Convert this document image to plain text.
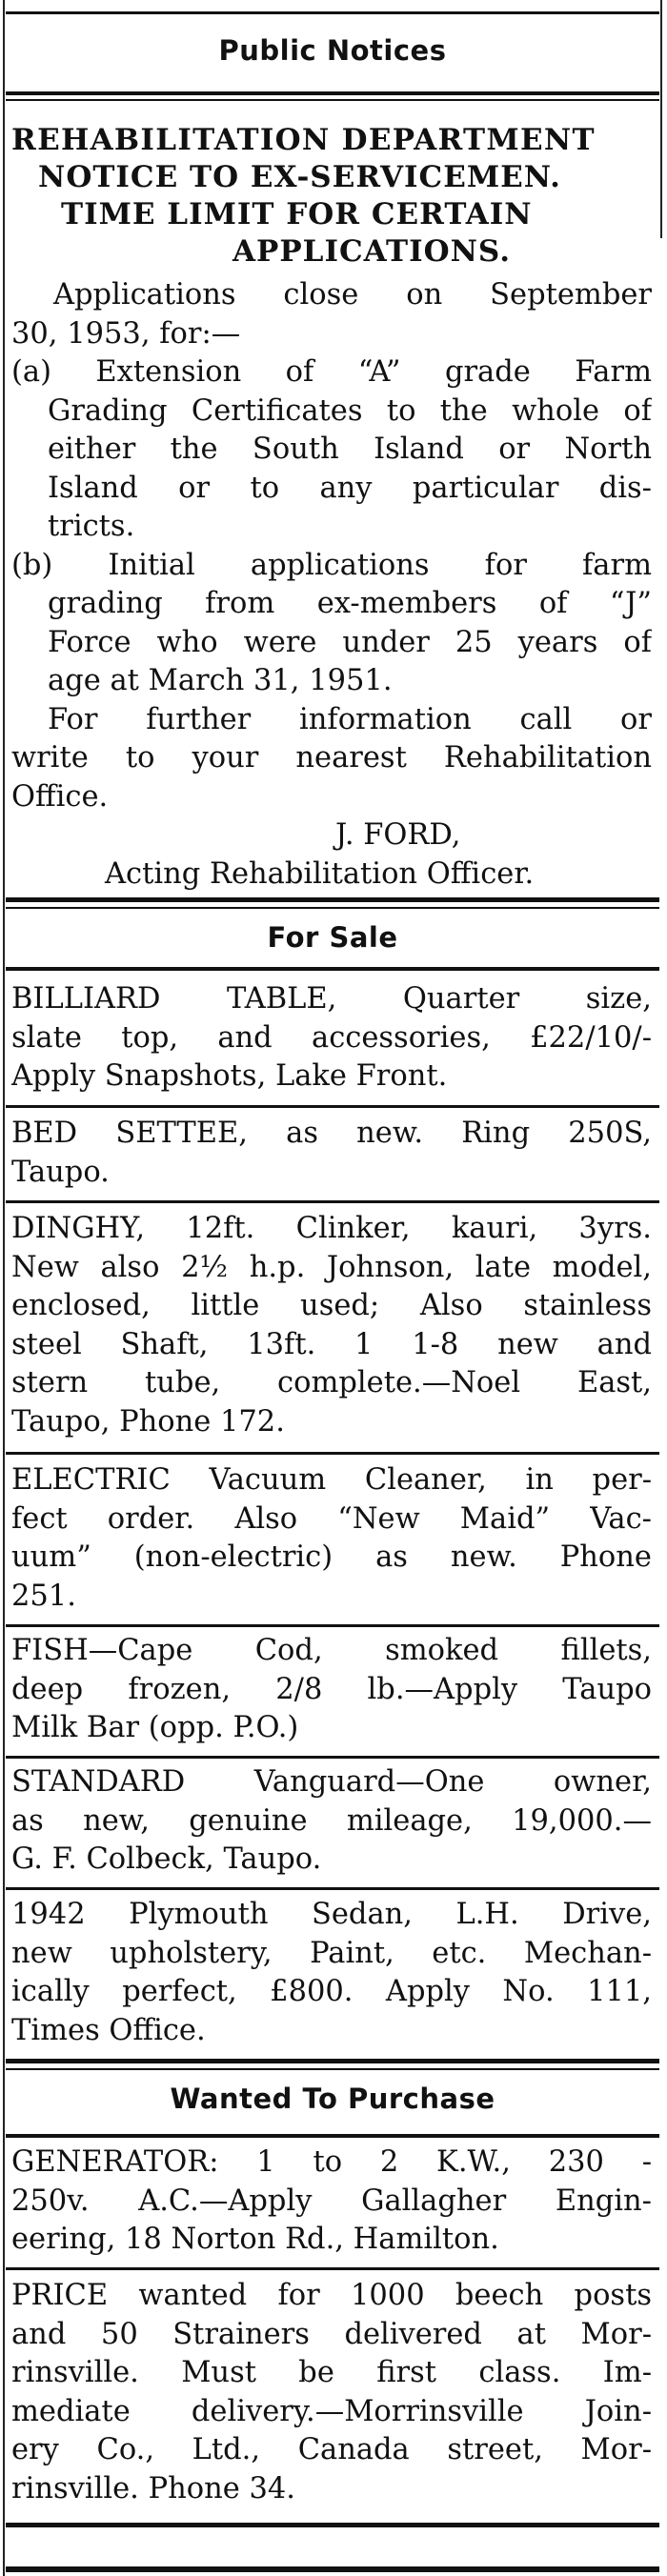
Public Notices
REHABILITATION DEPARTMENT
NOTICE TO EX-SERVICEMEN.
TIME LIMIT FOR CERTAIN
APPLICATIONS.
Applications close on September
30, 1953, for:—
(a) Extension of “A” grade Farm
Grading Certificates to the whole of
either the South Island or North
Island or to any particular dis-
tricts.
(b) Initial applications for farm
grading from ex-members of “J”
Force who were under 25 years of
age at March 31, 1951.
For further information call or
write to your nearest Rehabilitation
Office.
J. FORD,
Acting Rehabilitation Officer.
For Sale
BILLIARD TABLE, Quarter size,
slate top, and accessories, £22/10/-
Apply Snapshots, Lake Front.
BED SETTEE, as new. Ring 250S,
Taupo.
DINGHY, 12ft. Clinker, kauri, 3yrs.
New also 2½ h.p. Johnson, late model,
enclosed, little used; Also stainless
steel Shaft, 13ft. 1 1-8 new and
stern tube, complete.—Noel East,
Taupo, Phone 172.
ELECTRIC Vacuum Cleaner, in per-
fect order. Also “New Maid” Vac-
uum” (non-electric) as new. Phone
251.
FISH—Cape Cod, smoked fillets,
deep frozen, 2/8 lb.—Apply Taupo
Milk Bar (opp. P.O.)
STANDARD Vanguard—One owner,
as new, genuine mileage, 19,000.—
G. F. Colbeck, Taupo.
1942 Plymouth Sedan, L.H. Drive,
new upholstery, Paint, etc. Mechan-
ically perfect, £800. Apply No. 111,
Times Office.
Wanted To Purchase
GENERATOR: 1 to 2 K.W., 230 -
250v. A.C.—Apply Gallagher Engin-
eering, 18 Norton Rd., Hamilton.
PRICE wanted for 1000 beech posts
and 50 Strainers delivered at Mor-
rinsville. Must be first class. Im-
mediate delivery.—Morrinsville Join-
ery Co., Ltd., Canada street, Mor-
rinsville. Phone 34.
